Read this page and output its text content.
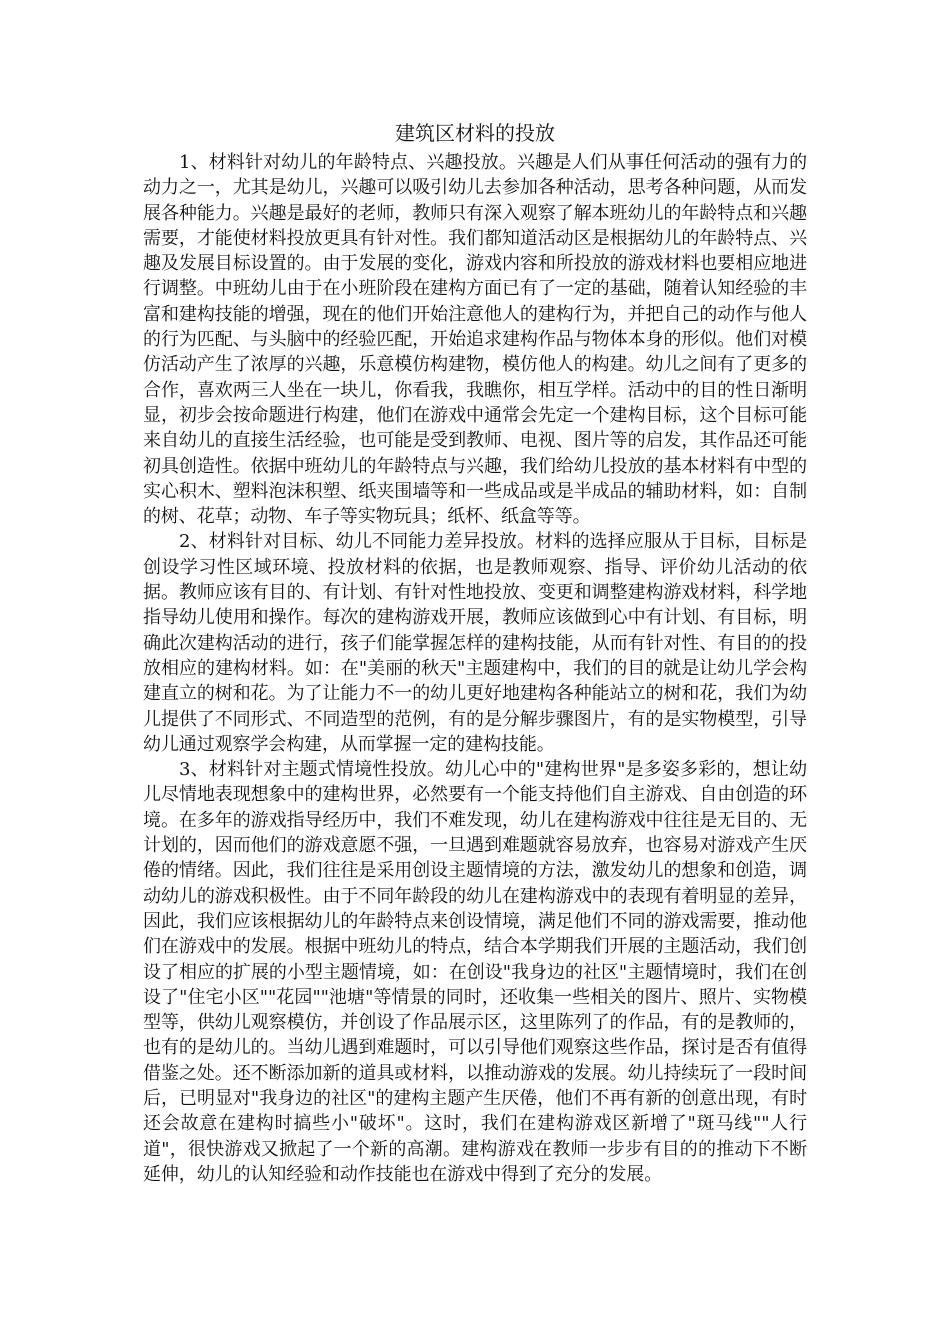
建筑区材料的投放

1、材料针对幼儿的年龄特点、兴趣投放。兴趣是人们从事任何活动的强有力的动力之一，尤其是幼儿，兴趣可以吸引幼儿去参加各种活动，思考各种问题，从而发展各种能力。兴趣是最好的老师，教师只有深入观察了解本班幼儿的年龄特点和兴趣需要，才能使材料投放更具有针对性。我们都知道活动区是根据幼儿的年龄特点、兴趣及发展目标设置的。由于发展的变化，游戏内容和所投放的游戏材料也要相应地进行调整。中班幼儿由于在小班阶段在建构方面已有了一定的基础，随着认知经验的丰富和建构技能的增强，现在的他们开始注意他人的建构行为，并把自己的动作与他人的行为匹配、与头脑中的经验匹配，开始追求建构作品与物体本身的形似。他们对模仿活动产生了浓厚的兴趣，乐意模仿构建物，模仿他人的构建。幼儿之间有了更多的合作，喜欢两三人坐在一块儿，你看我，我瞧你，相互学样。活动中的目的性日渐明显，初步会按命题进行构建，他们在游戏中通常会先定一个建构目标，这个目标可能来自幼儿的直接生活经验，也可能是受到教师、电视、图片等的启发，其作品还可能初具创造性。依据中班幼儿的年龄特点与兴趣，我们给幼儿投放的基本材料有中型的实心积木、塑料泡沫积塑、纸夹围墙等和一些成品或是半成品的辅助材料，如：自制的树、花草；动物、车子等实物玩具；纸杯、纸盒等等。

2、材料针对目标、幼儿不同能力差异投放。材料的选择应服从于目标，目标是创设学习性区域环境、投放材料的依据，也是教师观察、指导、评价幼儿活动的依据。教师应该有目的、有计划、有针对性地投放、变更和调整建构游戏材料，科学地指导幼儿使用和操作。每次的建构游戏开展，教师应该做到心中有计划、有目标，明确此次建构活动的进行，孩子们能掌握怎样的建构技能，从而有针对性、有目的的投放相应的建构材料。如：在"美丽的秋天"主题建构中，我们的目的就是让幼儿学会构建直立的树和花。为了让能力不一的幼儿更好地建构各种能站立的树和花，我们为幼儿提供了不同形式、不同造型的范例，有的是分解步骤图片，有的是实物模型，引导幼儿通过观察学会构建，从而掌握一定的建构技能。

3、材料针对主题式情境性投放。幼儿心中的"建构世界"是多姿多彩的，想让幼儿尽情地表现想象中的建构世界，必然要有一个能支持他们自主游戏、自由创造的环境。在多年的游戏指导经历中，我们不难发现，幼儿在建构游戏中往往是无目的、无计划的，因而他们的游戏意愿不强，一旦遇到难题就容易放弃，也容易对游戏产生厌倦的情绪。因此，我们往往是采用创设主题情境的方法，激发幼儿的想象和创造，调动幼儿的游戏积极性。由于不同年龄段的幼儿在建构游戏中的表现有着明显的差异，因此，我们应该根据幼儿的年龄特点来创设情境，满足他们不同的游戏需要，推动他们在游戏中的发展。根据中班幼儿的特点，结合本学期我们开展的主题活动，我们创设了相应的扩展的小型主题情境，如：在创设"我身边的社区"主题情境时，我们在创设了"住宅小区""花园""池塘"等情景的同时，还收集一些相关的图片、照片、实物模型等，供幼儿观察模仿，并创设了作品展示区，这里陈列了的作品，有的是教师的，也有的是幼儿的。当幼儿遇到难题时，可以引导他们观察这些作品，探讨是否有值得借鉴之处。还不断添加新的道具或材料，以推动游戏的发展。幼儿持续玩了一段时间后，已明显对"我身边的社区"的建构主题产生厌倦，他们不再有新的创意出现，有时还会故意在建构时搞些小"破坏"。这时，我们在建构游戏区新增了"斑马线""人行道"，很快游戏又掀起了一个新的高潮。建构游戏在教师一步步有目的的推动下不断延伸，幼儿的认知经验和动作技能也在游戏中得到了充分的发展。
